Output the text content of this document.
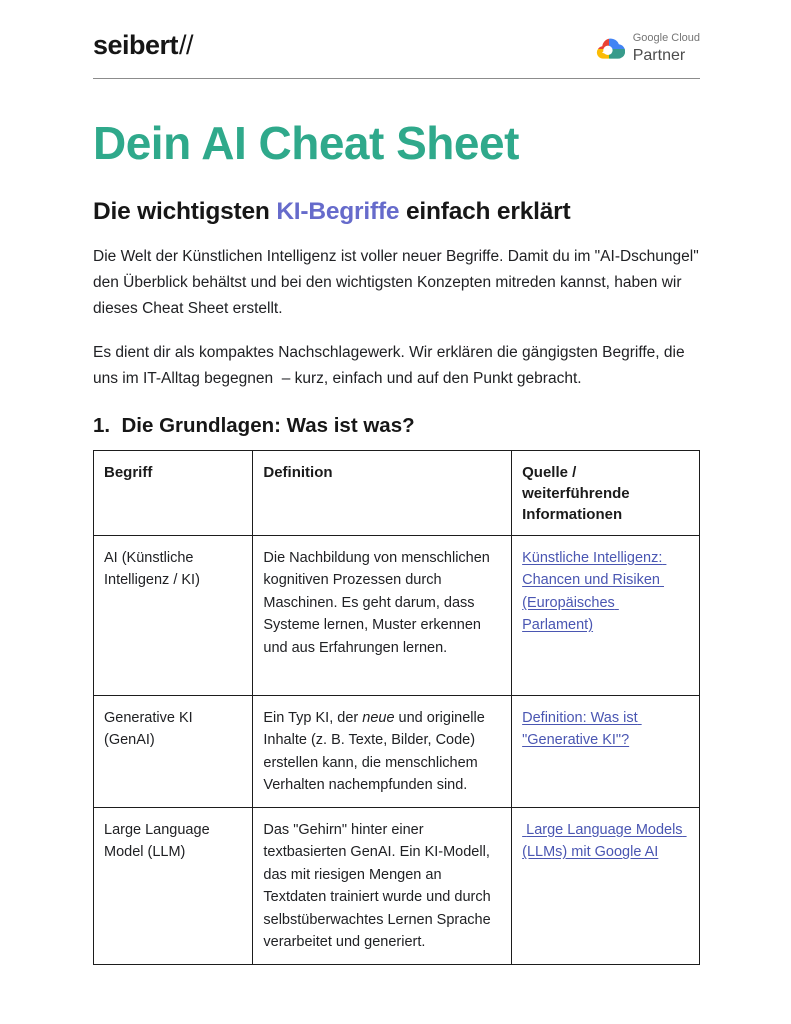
seibert//	Google Cloud
Partner
Dein AI Cheat Sheet
Die wichtigsten KI-Begriffe einfach erklärt

Die Welt der Künstlichen Intelligenz ist voller neuer Begriffe. Damit du im "AI-Dschungel" den Überblick behältst und bei den wichtigsten Konzepten mitreden kannst, haben wir dieses Cheat Sheet erstellt.

Es dient dir als kompaktes Nachschlagewerk. Wir erklären die gängigsten Begriffe, die uns im IT-Alltag begegnen  – kurz, einfach und auf den Punkt gebracht.

1.  Die Grundlagen: Was ist was?
Begriff	Definition	Quelle / weiterführende Informationen
AI (Künstliche Intelligenz / KI)	Die Nachbildung von menschlichen kognitiven Prozessen durch Maschinen. Es geht darum, dass Systeme lernen, Muster erkennen und aus Erfahrungen lernen.	Künstliche Intelligenz: Chancen und Risiken (Europäisches Parlament)
Generative KI (GenAI)	Ein Typ KI, der neue und originelle Inhalte (z. B. Texte, Bilder, Code) erstellen kann, die menschlichem Verhalten nachempfunden sind.	Definition: Was ist "Generative KI"?
Large Language Model (LLM)	Das "Gehirn" hinter einer textbasierten GenAI. Ein KI-Modell, das mit riesigen Mengen an Textdaten trainiert wurde und durch selbstüberwachtes Lernen Sprache verarbeitet und generiert.	Large Language Models (LLMs) mit Google AI
